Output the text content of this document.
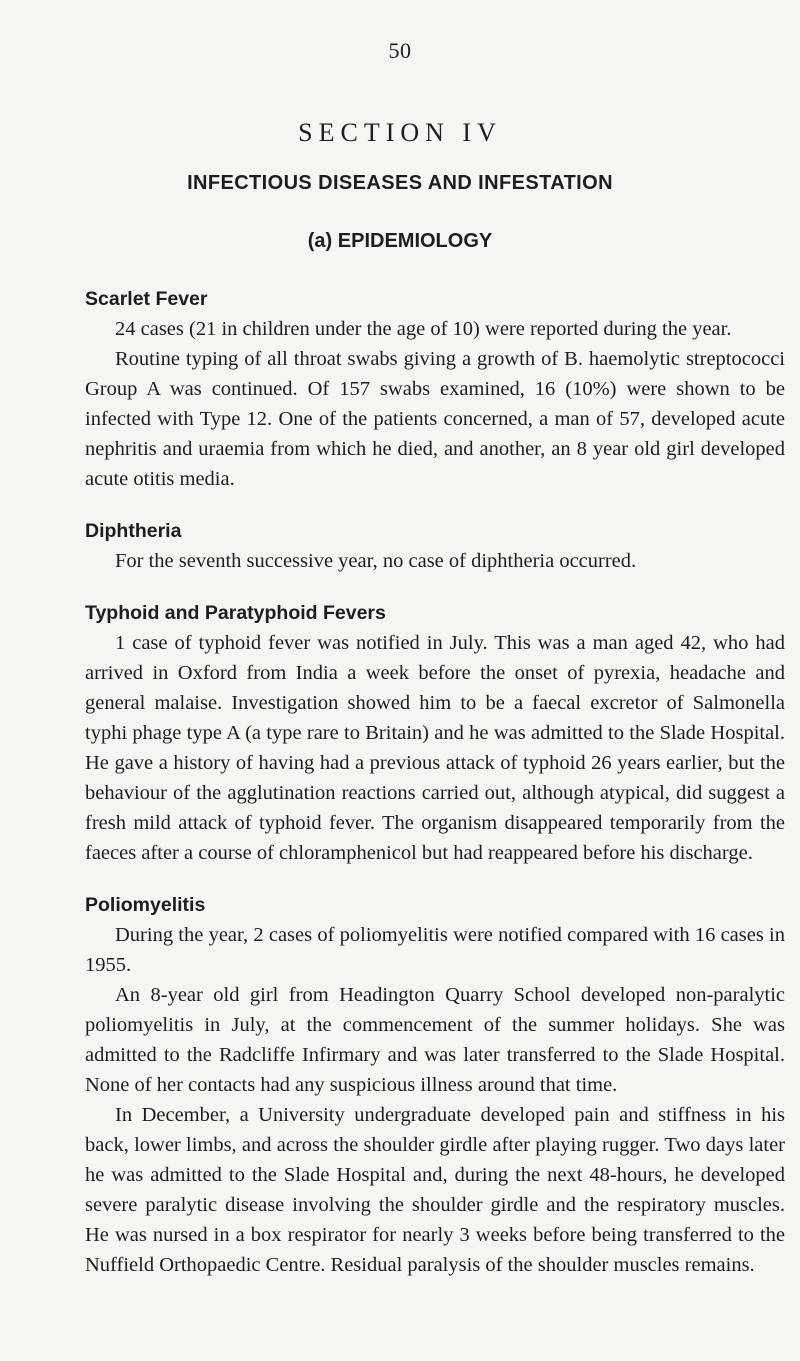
50
SECTION IV
INFECTIOUS DISEASES AND INFESTATION
(a) EPIDEMIOLOGY
Scarlet Fever

24 cases (21 in children under the age of 10) were reported during the year.

Routine typing of all throat swabs giving a growth of B. haemolytic streptococci Group A was continued. Of 157 swabs examined, 16 (10%) were shown to be infected with Type 12. One of the patients concerned, a man of 57, developed acute nephritis and uraemia from which he died, and another, an 8 year old girl developed acute otitis media.

Diphtheria

For the seventh successive year, no case of diphtheria occurred.

Typhoid and Paratyphoid Fevers

1 case of typhoid fever was notified in July. This was a man aged 42, who had arrived in Oxford from India a week before the onset of pyrexia, headache and general malaise. Investigation showed him to be a faecal excretor of Salmonella typhi phage type A (a type rare to Britain) and he was admitted to the Slade Hospital. He gave a history of having had a previous attack of typhoid 26 years earlier, but the behaviour of the agglutination reactions carried out, although atypical, did suggest a fresh mild attack of typhoid fever. The organism disappeared temporarily from the faeces after a course of chloramphenicol but had reappeared before his discharge.

Poliomyelitis

During the year, 2 cases of poliomyelitis were notified compared with 16 cases in 1955.

An 8-year old girl from Headington Quarry School developed non-paralytic poliomyelitis in July, at the commencement of the summer holidays. She was admitted to the Radcliffe Infirmary and was later transferred to the Slade Hospital. None of her contacts had any suspicious illness around that time.

In December, a University undergraduate developed pain and stiffness in his back, lower limbs, and across the shoulder girdle after playing rugger. Two days later he was admitted to the Slade Hospital and, during the next 48-hours, he developed severe paralytic disease involving the shoulder girdle and the respiratory muscles. He was nursed in a box respirator for nearly 3 weeks before being transferred to the Nuffield Orthopaedic Centre. Residual paralysis of the shoulder muscles remains.
